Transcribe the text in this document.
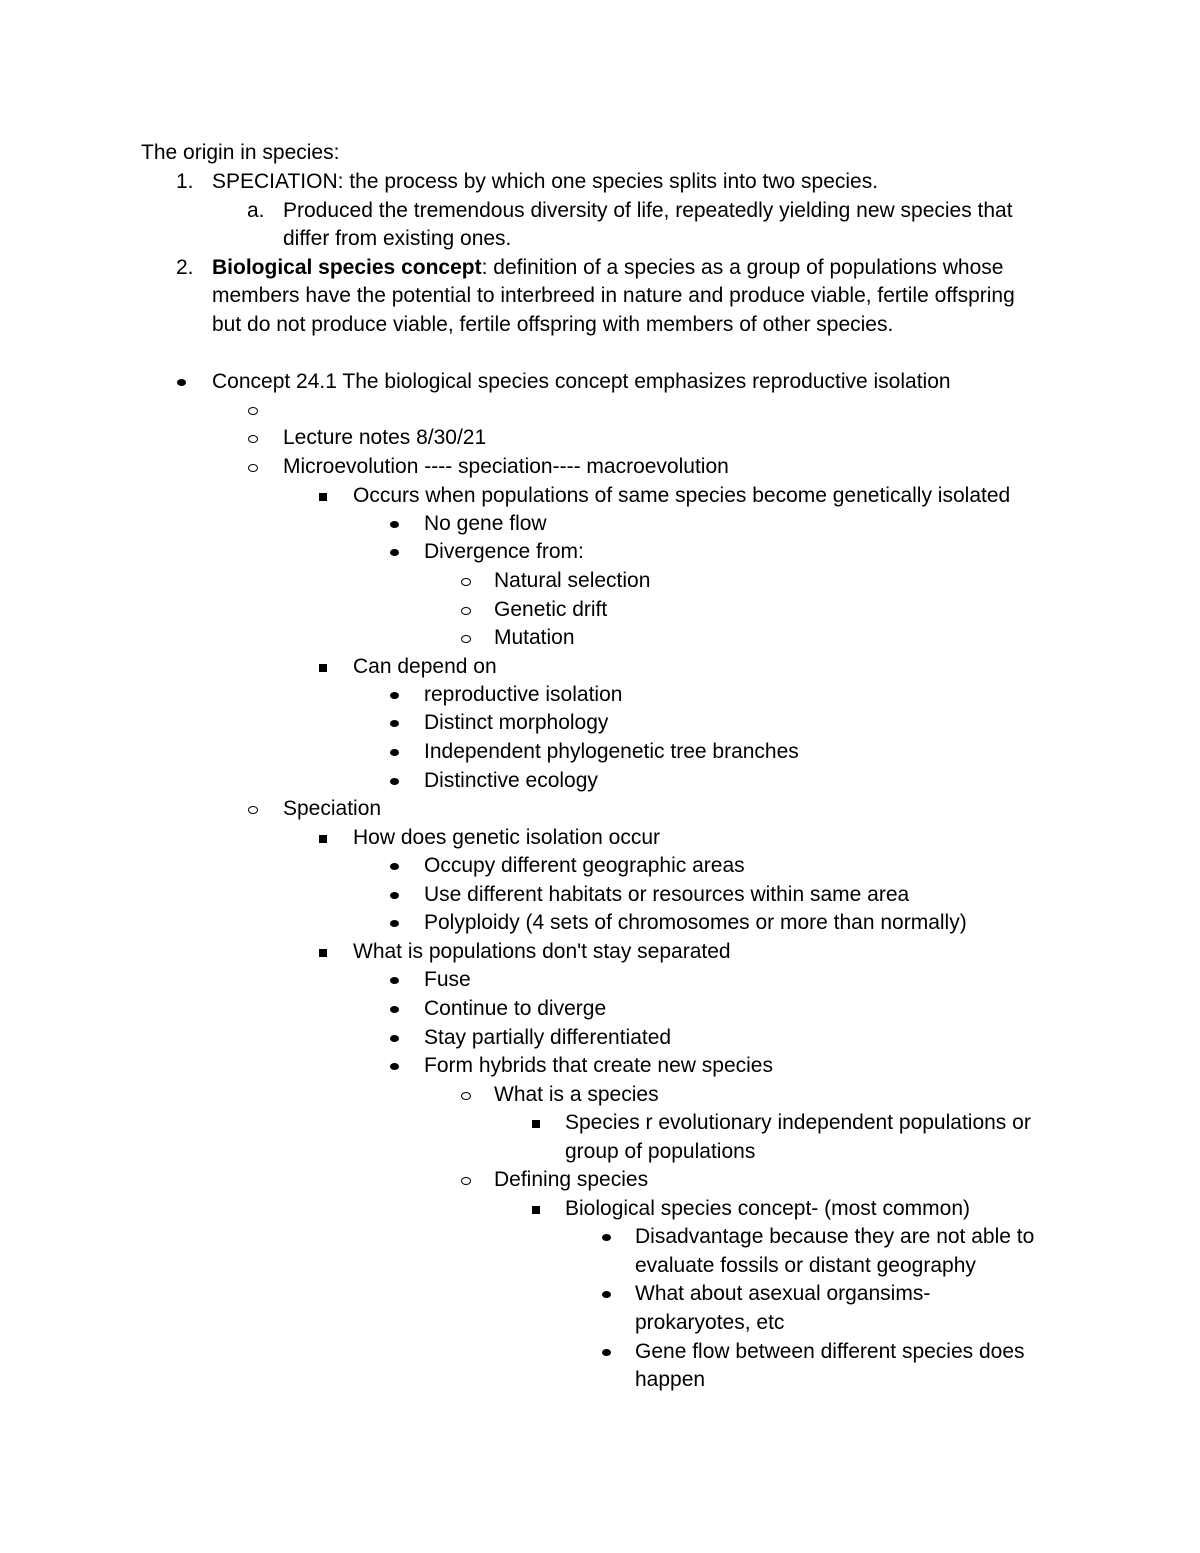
The origin in species:
1. SPECIATION: the process by which one species splits into two species.
a. Produced the tremendous diversity of life, repeatedly yielding new species that
differ from existing ones.
2. Biological species concept: definition of a species as a group of populations whose
members have the potential to interbreed in nature and produce viable, fertile offspring
but do not produce viable, fertile offspring with members of other species.
Concept 24.1 The biological species concept emphasizes reproductive isolation
Lecture notes 8/30/21
Microevolution ---- speciation---- macroevolution
Occurs when populations of same species become genetically isolated
No gene flow
Divergence from:
Natural selection
Genetic drift
Mutation
Can depend on
reproductive isolation
Distinct morphology
Independent phylogenetic tree branches
Distinctive ecology
Speciation
How does genetic isolation occur
Occupy different geographic areas
Use different habitats or resources within same area
Polyploidy (4 sets of chromosomes or more than normally)
What is populations don't stay separated
Fuse
Continue to diverge
Stay partially differentiated
Form hybrids that create new species
What is a species
Species r evolutionary independent populations or
group of populations
Defining species
Biological species concept- (most common)
Disadvantage because they are not able to
evaluate fossils or distant geography
What about asexual organsims-
prokaryotes, etc
Gene flow between different species does
happen
